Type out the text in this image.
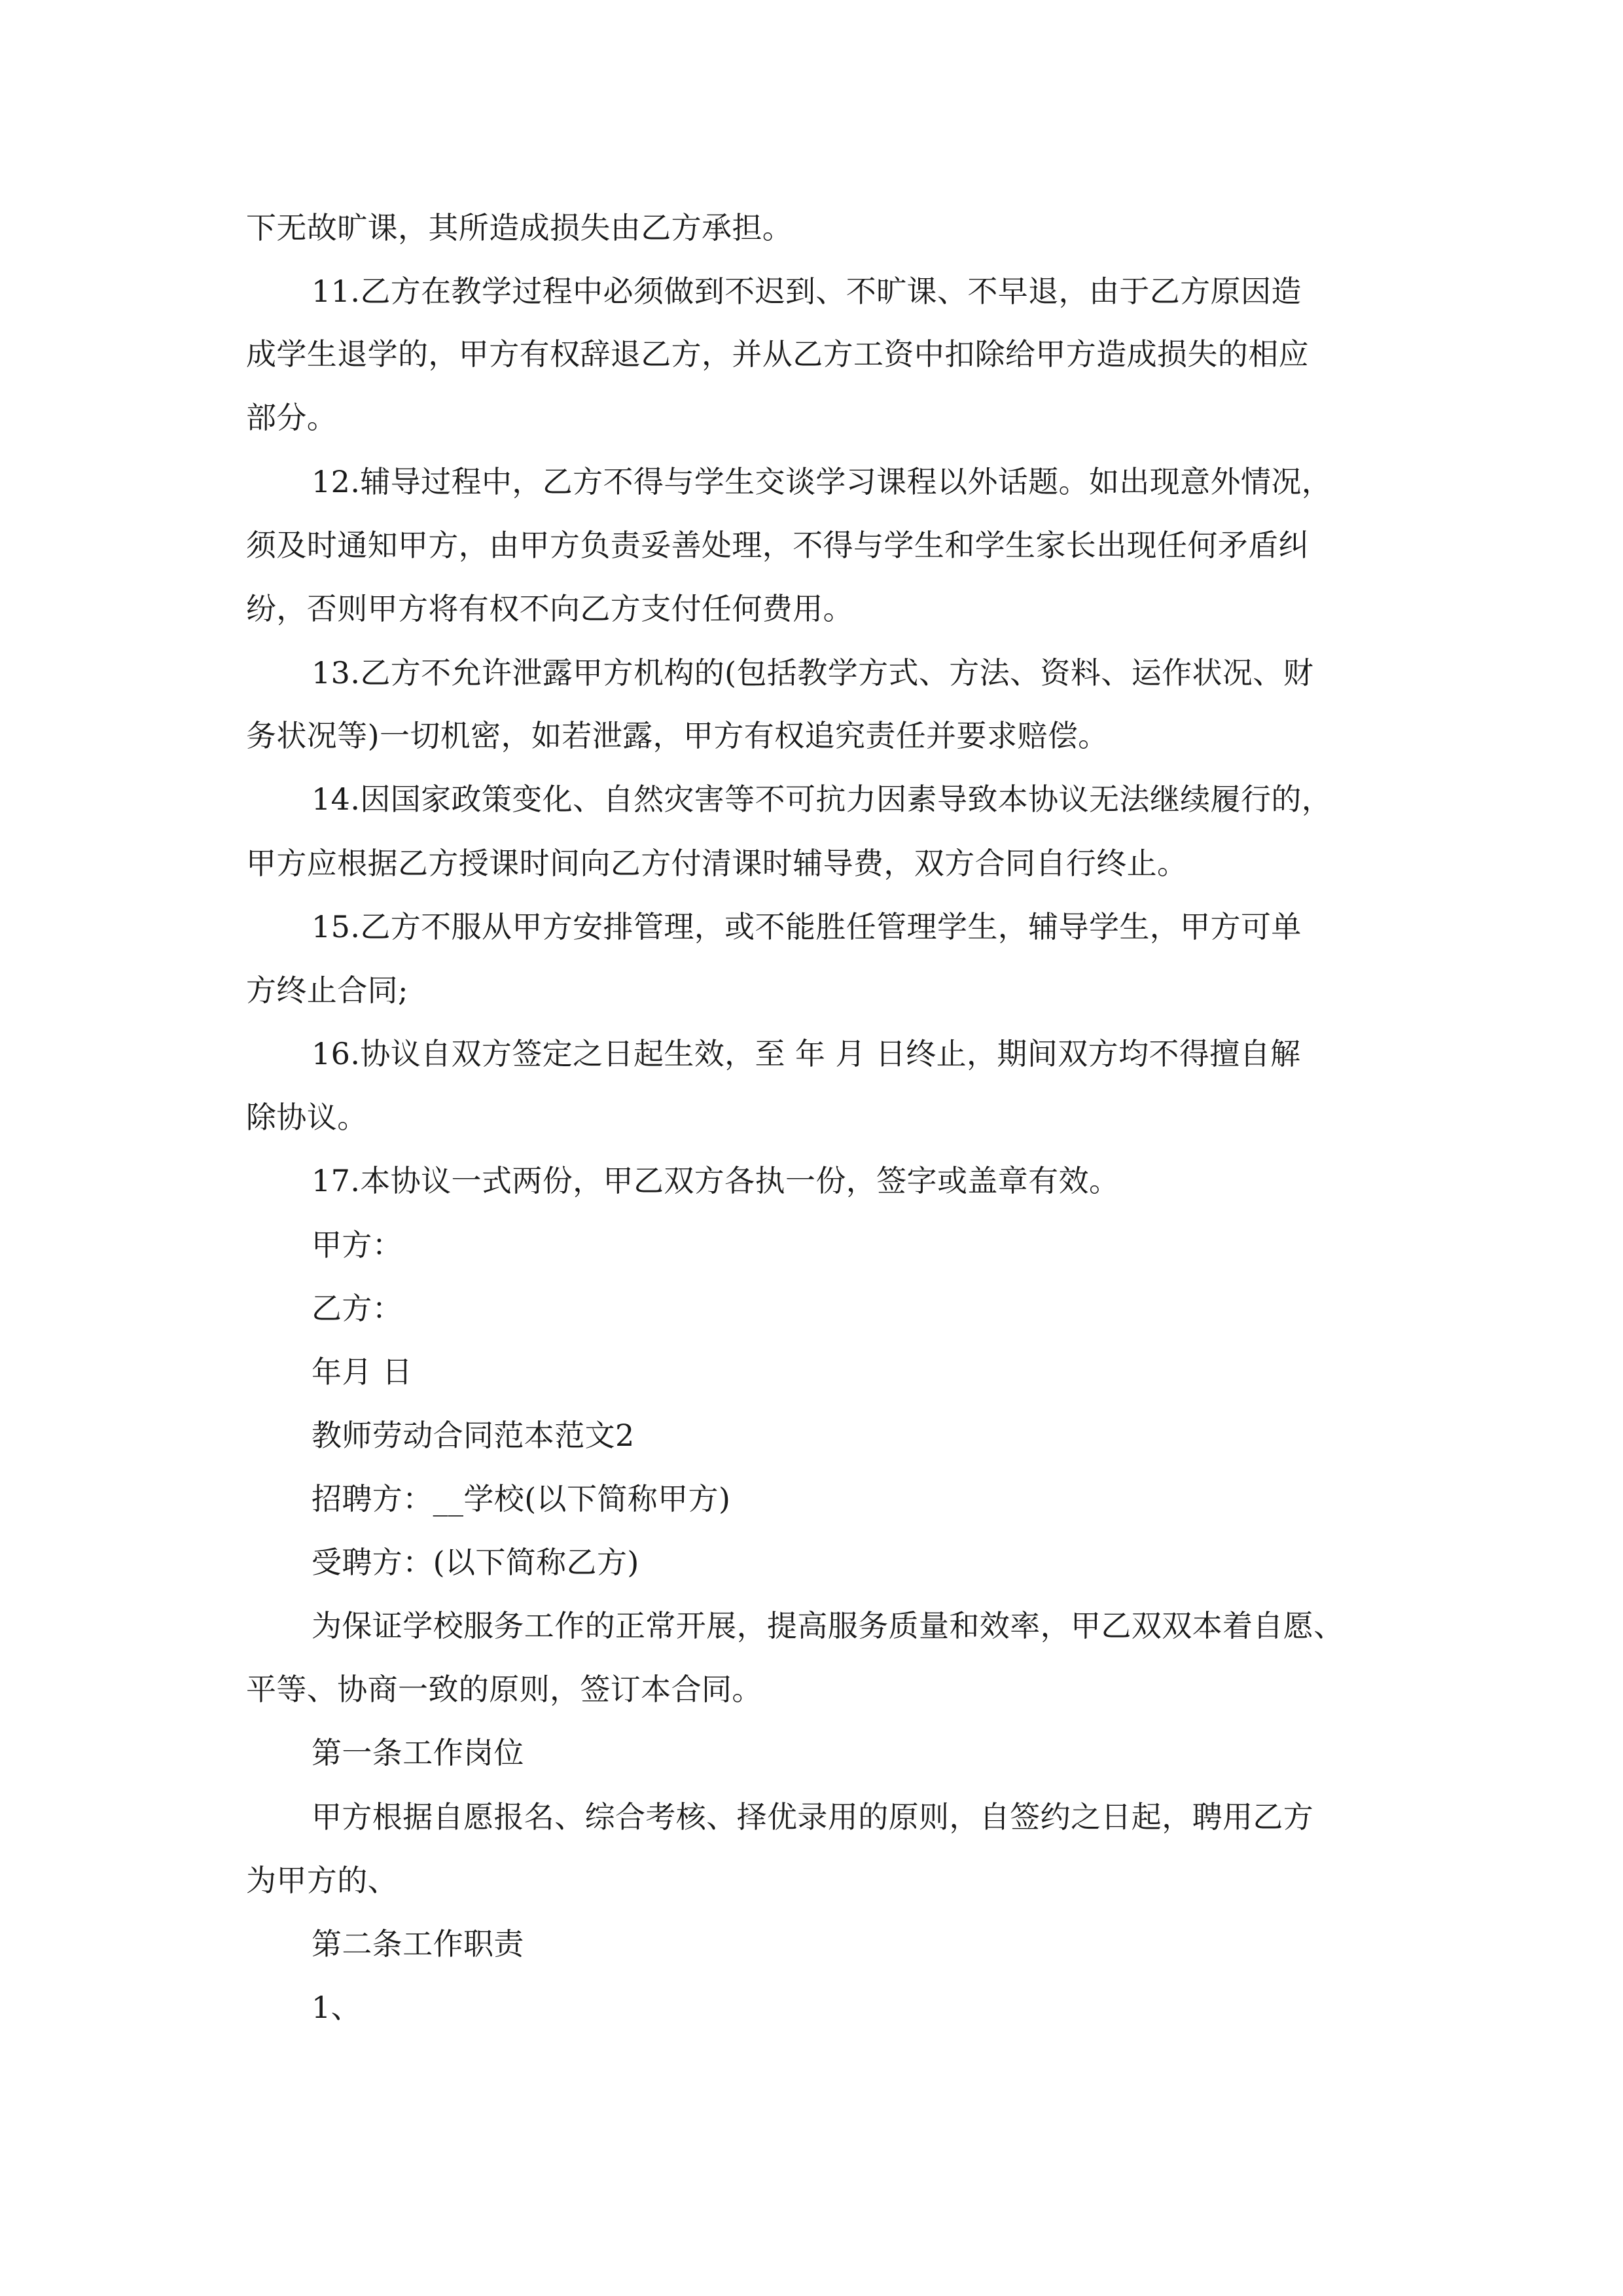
下无故旷课，其所造成损失由乙方承担。
11.乙方在教学过程中必须做到不迟到、不旷课、不早退，由于乙方原因造
成学生退学的，甲方有权辞退乙方，并从乙方工资中扣除给甲方造成损失的相应
部分。
12.辅导过程中，乙方不得与学生交谈学习课程以外话题。如出现意外情况，
须及时通知甲方，由甲方负责妥善处理，不得与学生和学生家长出现任何矛盾纠
纷，否则甲方将有权不向乙方支付任何费用。
13.乙方不允许泄露甲方机构的(包括教学方式、方法、资料、运作状况、财
务状况等)一切机密，如若泄露，甲方有权追究责任并要求赔偿。
14.因国家政策变化、自然灾害等不可抗力因素导致本协议无法继续履行的，
甲方应根据乙方授课时间向乙方付清课时辅导费，双方合同自行终止。
15.乙方不服从甲方安排管理，或不能胜任管理学生，辅导学生，甲方可单
方终止合同;
16.协议自双方签定之日起生效，至 年 月 日终止，期间双方均不得擅自解
除协议。
17.本协议一式两份，甲乙双方各执一份，签字或盖章有效。
甲方：
乙方：
年月 日
教师劳动合同范本范文2
招聘方：__学校(以下简称甲方)
受聘方：(以下简称乙方)
为保证学校服务工作的正常开展，提高服务质量和效率，甲乙双双本着自愿、
平等、协商一致的原则，签订本合同。
第一条工作岗位
甲方根据自愿报名、综合考核、择优录用的原则，自签约之日起，聘用乙方
为甲方的、
第二条工作职责
1、
